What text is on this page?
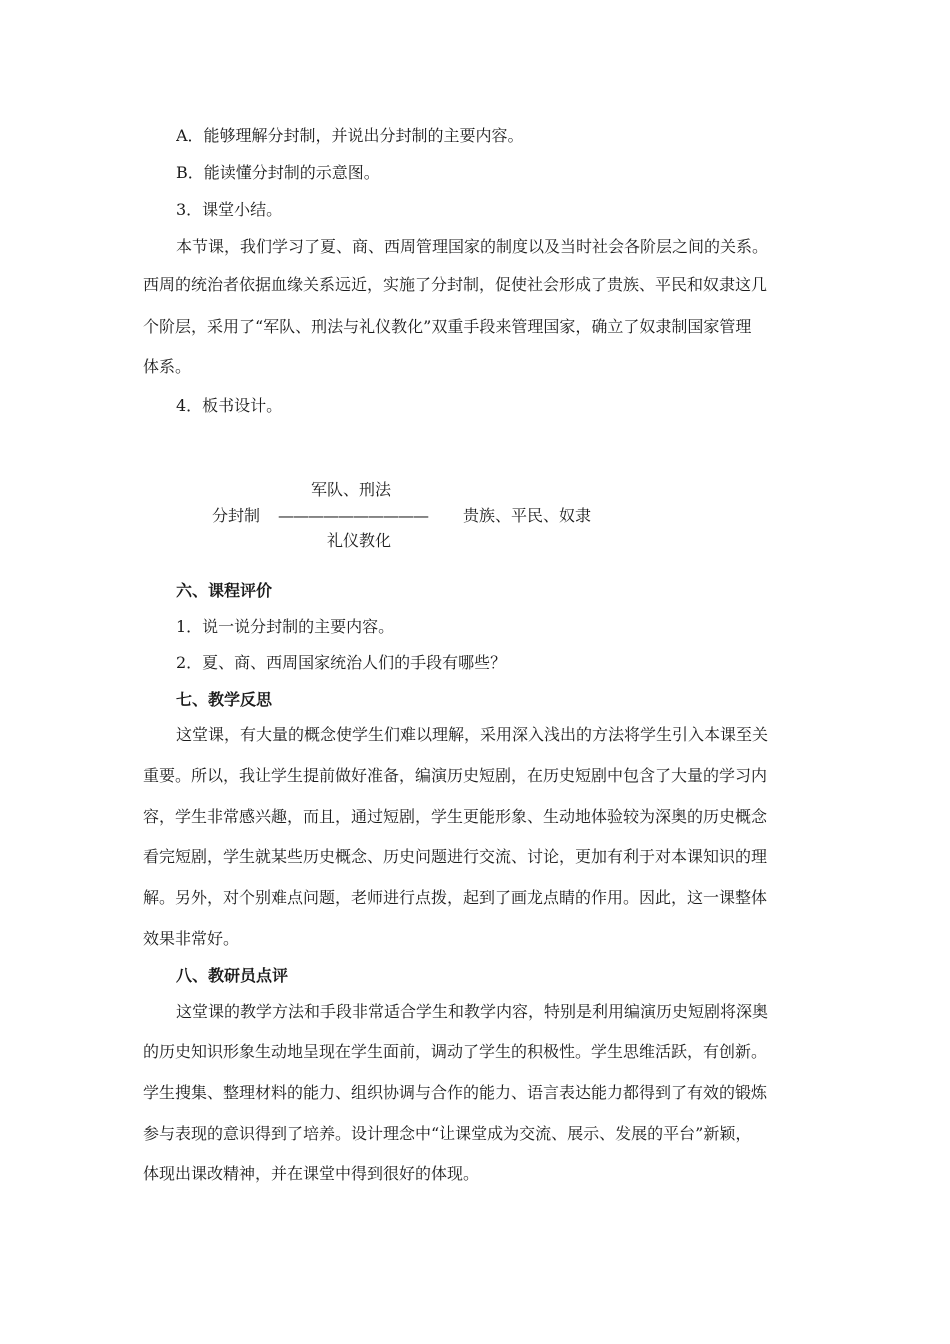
A．能够理解分封制，并说出分封制的主要内容。
B．能读懂分封制的示意图。
3．课堂小结。
本节课，我们学习了夏、商、西周管理国家的制度以及当时社会各阶层之间的关系。
西周的统治者依据血缘关系远近，实施了分封制，促使社会形成了贵族、平民和奴隶这几
个阶层，采用了“军队、刑法与礼仪教化”双重手段来管理国家，确立了奴隶制国家管理
体系。
4．板书设计。
军队、刑法
分封制 —————————— 贵族、平民、奴隶
礼仪教化
六、课程评价
1．说一说分封制的主要内容。
2．夏、商、西周国家统治人们的手段有哪些？
七、教学反思
这堂课，有大量的概念使学生们难以理解，采用深入浅出的方法将学生引入本课至关
重要。所以，我让学生提前做好准备，编演历史短剧，在历史短剧中包含了大量的学习内
容，学生非常感兴趣，而且，通过短剧，学生更能形象、生动地体验较为深奥的历史概念
看完短剧，学生就某些历史概念、历史问题进行交流、讨论，更加有利于对本课知识的理
解。另外，对个别难点问题，老师进行点拨，起到了画龙点睛的作用。因此，这一课整体
效果非常好。
八、教研员点评
这堂课的教学方法和手段非常适合学生和教学内容，特别是利用编演历史短剧将深奥
的历史知识形象生动地呈现在学生面前，调动了学生的积极性。学生思维活跃，有创新。
学生搜集、整理材料的能力、组织协调与合作的能力、语言表达能力都得到了有效的锻炼
参与表现的意识得到了培养。设计理念中“让课堂成为交流、展示、发展的平台”新颖，
体现出课改精神，并在课堂中得到很好的体现。
